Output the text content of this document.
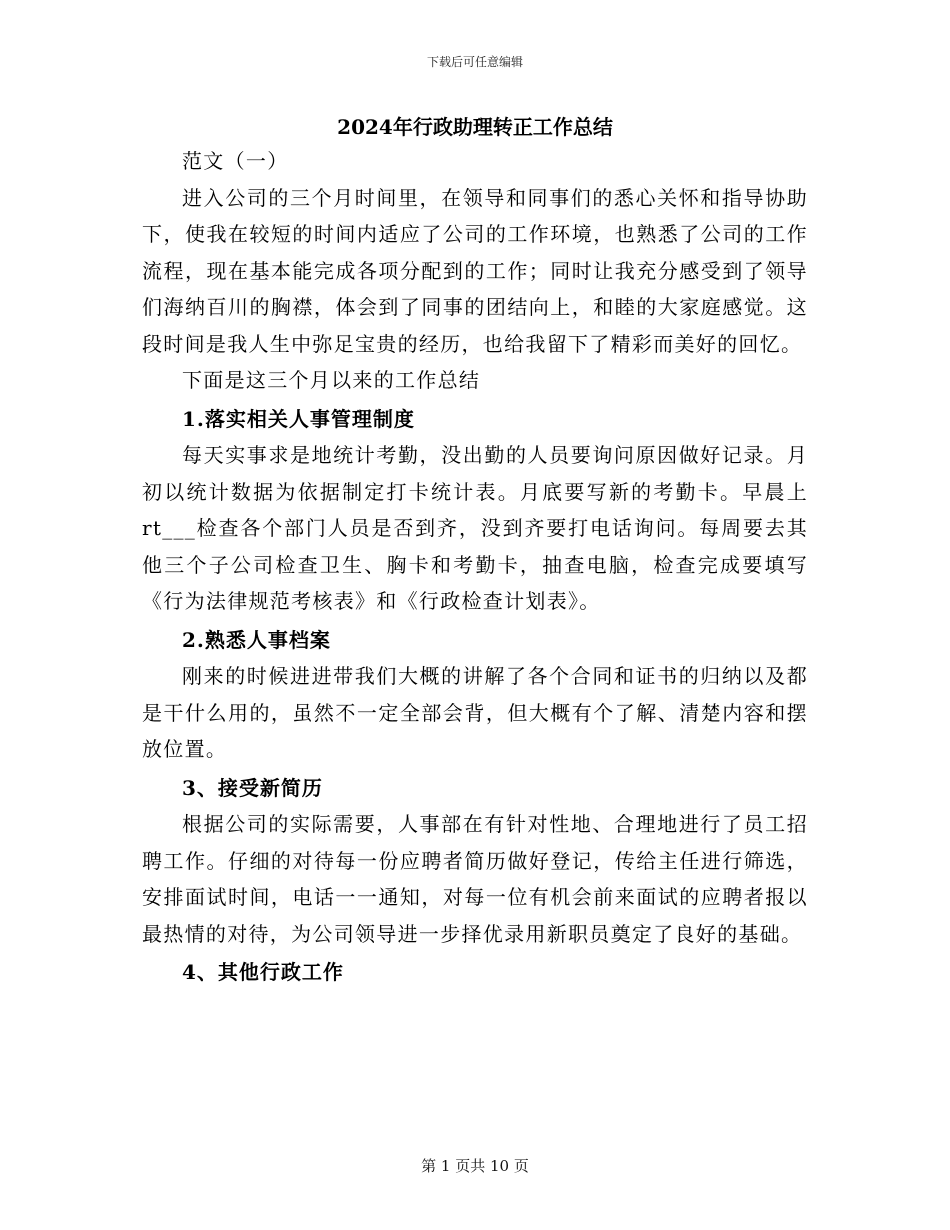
下载后可任意编辑
2024年行政助理转正工作总结

范文（一）

进入公司的三个月时间里，在领导和同事们的悉心关怀和指导协助下，使我在较短的时间内适应了公司的工作环境，也熟悉了公司的工作流程，现在基本能完成各项分配到的工作；同时让我充分感受到了领导们海纳百川的胸襟，体会到了同事的团结向上，和睦的大家庭感觉。这段时间是我人生中弥足宝贵的经历，也给我留下了精彩而美好的回忆。

下面是这三个月以来的工作总结

1.落实相关人事管理制度

每天实事求是地统计考勤，没出勤的人员要询问原因做好记录。月初以统计数据为依据制定打卡统计表。月底要写新的考勤卡。早晨上rt___检查各个部门人员是否到齐，没到齐要打电话询问。每周要去其他三个子公司检查卫生、胸卡和考勤卡，抽查电脑，检查完成要填写《行为法律规范考核表》和《行政检查计划表》。

2.熟悉人事档案

刚来的时候进进带我们大概的讲解了各个合同和证书的归纳以及都是干什么用的，虽然不一定全部会背，但大概有个了解、清楚内容和摆放位置。

3、接受新简历

根据公司的实际需要，人事部在有针对性地、合理地进行了员工招聘工作。仔细的对待每一份应聘者简历做好登记，传给主任进行筛选，安排面试时间，电话一一通知，对每一位有机会前来面试的应聘者报以最热情的对待，为公司领导进一步择优录用新职员奠定了良好的基础。

4、其他行政工作
第 1 页共 10 页
